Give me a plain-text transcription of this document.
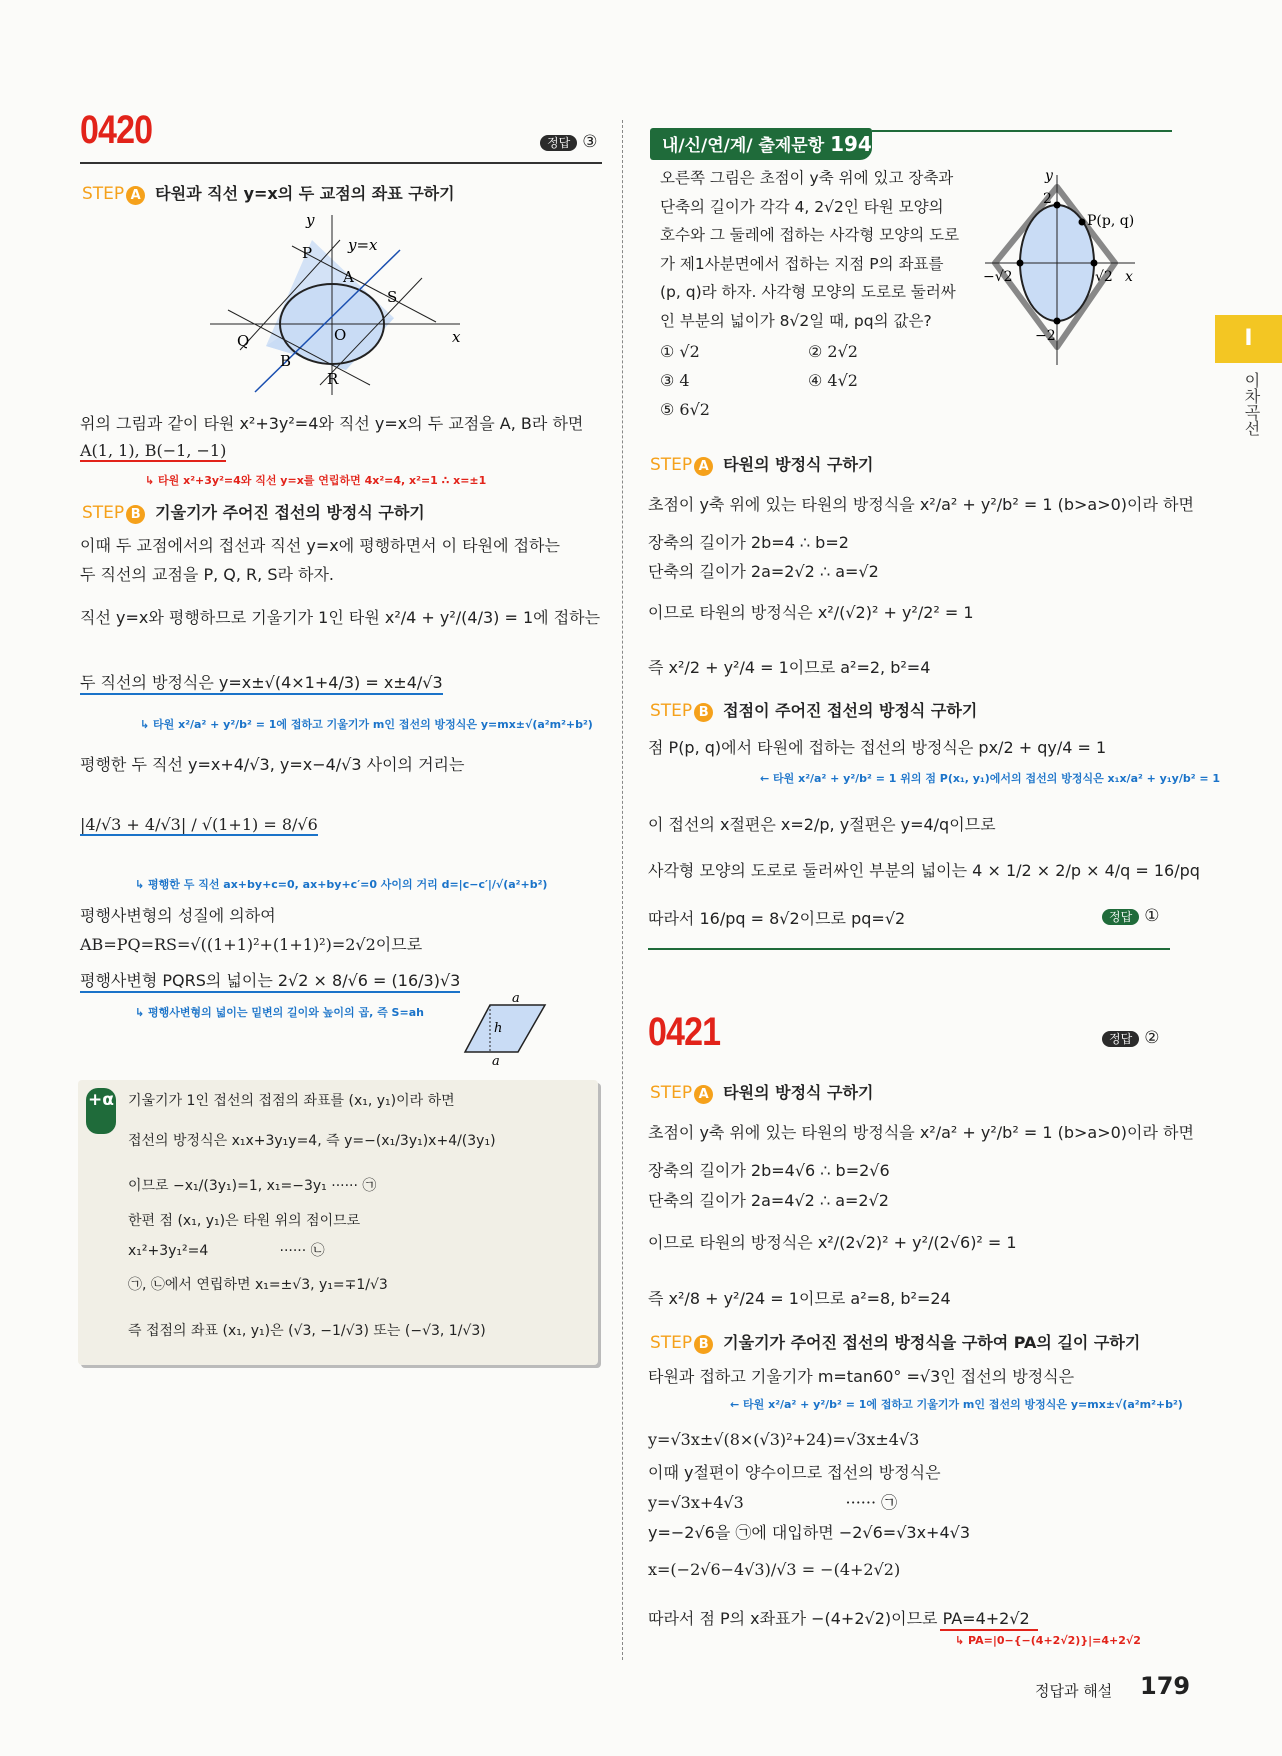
I
이차곡선
0420	정답 ③
STEP A 타원과 직선 y=x의 두 교점의 좌표 구하기
y
x
y=x
P
A
S
Q	O
B
R
위의 그림과 같이 타원 x²+3y²=4와 직선 y=x의 두 교점을 A, B라 하면
A(1, 1), B(−1, −1)
↳ 타원 x²+3y²=4와 직선 y=x를 연립하면 4x²=4, x²=1 ∴ x=±1
STEP B 기울기가 주어진 접선의 방정식 구하기
이때 두 교점에서의 접선과 직선 y=x에 평행하면서 이 타원에 접하는
두 직선의 교점을 P, Q, R, S라 하자.
직선 y=x와 평행하므로 기울기가 1인 타원 x²/4 + y²/(4/3) = 1에 접하는
두 직선의 방정식은 y=x±√(4×1+4/3) = x±4/√3
↳ 타원 x²/a² + y²/b² = 1에 접하고 기울기가 m인 접선의 방정식은 y=mx±√(a²m²+b²)
평행한 두 직선 y=x+4/√3, y=x−4/√3 사이의 거리는
|4/√3 + 4/√3| / √(1+1) = 8/√6
↳ 평행한 두 직선 ax+by+c=0, ax+by+c′=0 사이의 거리 d=|c−c′|/√(a²+b²)
평행사변형의 성질에 의하여
AB=PQ=RS=√((1+1)²+(1+1)²)=2√2이므로
평행사변형 PQRS의 넓이는 2√2 × 8/√6 = (16/3)√3
↳ 평행사변형의 넓이는 밑변의 길이와 높이의 곱, 즉 S=ah
a
h
a
+α 기울기가 1인 접선의 접점의 좌표를 (x₁, y₁)이라 하면
접선의 방정식은 x₁x+3y₁y=4, 즉 y=−(x₁/3y₁)x+4/(3y₁)
이므로 −x₁/(3y₁)=1, x₁=−3y₁ ······ ㉠
한편 점 (x₁, y₁)은 타원 위의 점이므로
x₁²+3y₁²=4                ······ ㉡
㉠, ㉡에서 연립하면 x₁=±√3, y₁=∓1/√3
즉 접점의 좌표 (x₁, y₁)은 (√3, −1/√3) 또는 (−√3, 1/√3)
내/신/연/계/ 출제문항 194
오른쪽 그림은 초점이 y축 위에 있고 장축과
단축의 길이가 각각 4, 2√2인 타원 모양의
호수와 그 둘레에 접하는 사각형 모양의 도로
가 제1사분면에서 접하는 지점 P의 좌표를
(p, q)라 하자. 사각형 모양의 도로로 둘러싸
인 부분의 넓이가 8√2일 때, pq의 값은?
① √2	② 2√2
③ 4	④ 4√2
⑤ 6√2
y
x
2
−2
√2
−√2
P(p, q)
STEP A 타원의 방정식 구하기
초점이 y축 위에 있는 타원의 방정식을 x²/a² + y²/b² = 1 (b>a>0)이라 하면
장축의 길이가 2b=4 ∴ b=2
단축의 길이가 2a=2√2 ∴ a=√2
이므로 타원의 방정식은 x²/(√2)² + y²/2² = 1
즉 x²/2 + y²/4 = 1이므로 a²=2, b²=4
STEP B 접점이 주어진 접선의 방정식 구하기
점 P(p, q)에서 타원에 접하는 접선의 방정식은 px/2 + qy/4 = 1
← 타원 x²/a² + y²/b² = 1 위의 점 P(x₁, y₁)에서의 접선의 방정식은 x₁x/a² + y₁y/b² = 1
이 접선의 x절편은 x=2/p, y절편은 y=4/q이므로
사각형 모양의 도로로 둘러싸인 부분의 넓이는 4 × 1/2 × 2/p × 4/q = 16/pq
따라서 16/pq = 8√2이므로 pq=√2	정답 ①
0421	정답 ②
STEP A 타원의 방정식 구하기
초점이 y축 위에 있는 타원의 방정식을 x²/a² + y²/b² = 1 (b>a>0)이라 하면
장축의 길이가 2b=4√6 ∴ b=2√6
단축의 길이가 2a=4√2 ∴ a=2√2
이므로 타원의 방정식은 x²/(2√2)² + y²/(2√6)² = 1
즉 x²/8 + y²/24 = 1이므로 a²=8, b²=24
STEP B 기울기가 주어진 접선의 방정식을 구하여 PA의 길이 구하기
타원과 접하고 기울기가 m=tan60° =√3인 접선의 방정식은
← 타원 x²/a² + y²/b² = 1에 접하고 기울기가 m인 접선의 방정식은 y=mx±√(a²m²+b²)
y=√3x±√(8×(√3)²+24)=√3x±4√3
이때 y절편이 양수이므로 접선의 방정식은
y=√3x+4√3                    ······ ㉠
y=−2√6을 ㉠에 대입하면 −2√6=√3x+4√3
x=(−2√6−4√3)/√3 = −(4+2√2)
따라서 점 P의 x좌표가 −(4+2√2)이므로 PA=4+2√2
↳ PA=|0−{−(4+2√2)}|=4+2√2
정답과 해설 179
